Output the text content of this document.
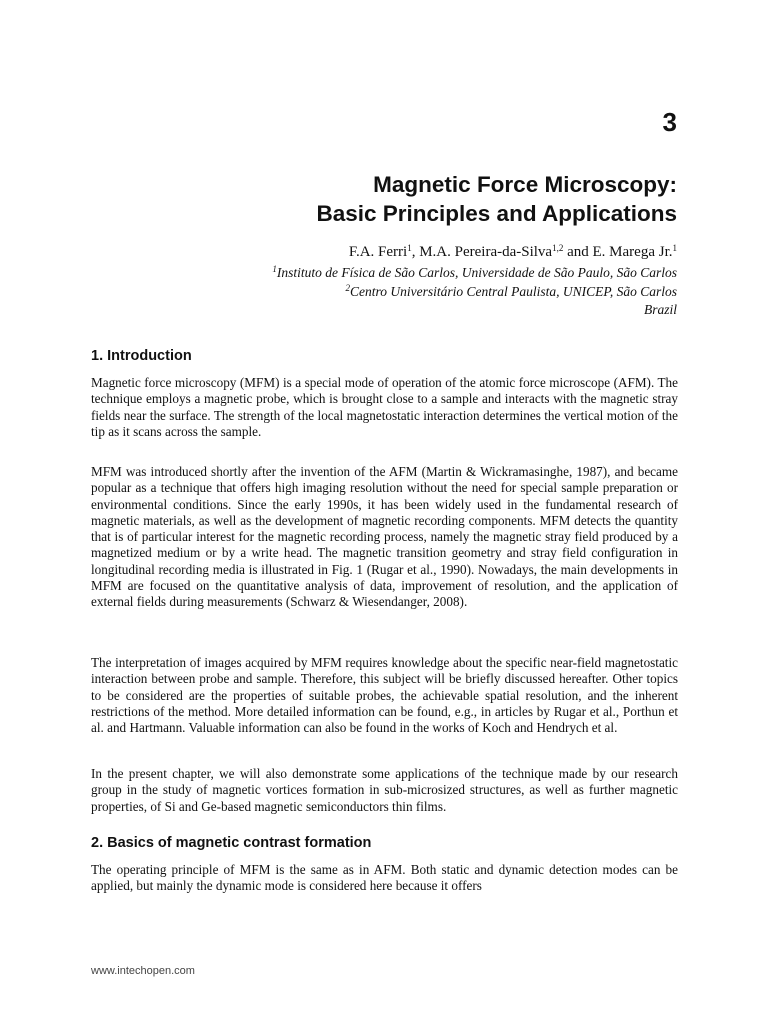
3
Magnetic Force Microscopy:
Basic Principles and Applications
F.A. Ferri$^1$, M.A. Pereira-da-Silva$^{1,2}$ and E. Marega Jr.$^1$
$^1$Instituto de Física de São Carlos, Universidade de São Paulo, São Carlos
$^2$Centro Universitário Central Paulista, UNICEP, São Carlos
Brazil
1. Introduction

Magnetic force microscopy (MFM) is a special mode of operation of the atomic force microscope (AFM). The technique employs a magnetic probe, which is brought close to a sample and interacts with the magnetic stray fields near the surface. The strength of the local magnetostatic interaction determines the vertical motion of the tip as it scans across the sample.

MFM was introduced shortly after the invention of the AFM (Martin & Wickramasinghe, 1987), and became popular as a technique that offers high imaging resolution without the need for special sample preparation or environmental conditions. Since the early 1990s, it has been widely used in the fundamental research of magnetic materials, as well as the development of magnetic recording components. MFM detects the quantity that is of particular interest for the magnetic recording process, namely the magnetic stray field produced by a magnetized medium or by a write head. The magnetic transition geometry and stray field configuration in longitudinal recording media is illustrated in Fig. 1 (Rugar et al., 1990). Nowadays, the main developments in MFM are focused on the quantitative analysis of data, improvement of resolution, and the application of external fields during measurements (Schwarz & Wiesendanger, 2008).

The interpretation of images acquired by MFM requires knowledge about the specific near-field magnetostatic interaction between probe and sample. Therefore, this subject will be briefly discussed hereafter. Other topics to be considered are the properties of suitable probes, the achievable spatial resolution, and the inherent restrictions of the method. More detailed information can be found, e.g., in articles by Rugar et al., Porthun et al. and Hartmann. Valuable information can also be found in the works of Koch and Hendrych et al.

In the present chapter, we will also demonstrate some applications of the technique made by our research group in the study of magnetic vortices formation in sub-microsized structures, as well as further magnetic properties, of Si and Ge-based magnetic semiconductors thin films.

2. Basics of magnetic contrast formation

The operating principle of MFM is the same as in AFM. Both static and dynamic detection modes can be applied, but mainly the dynamic mode is considered here because it offers

www.intechopen.com
